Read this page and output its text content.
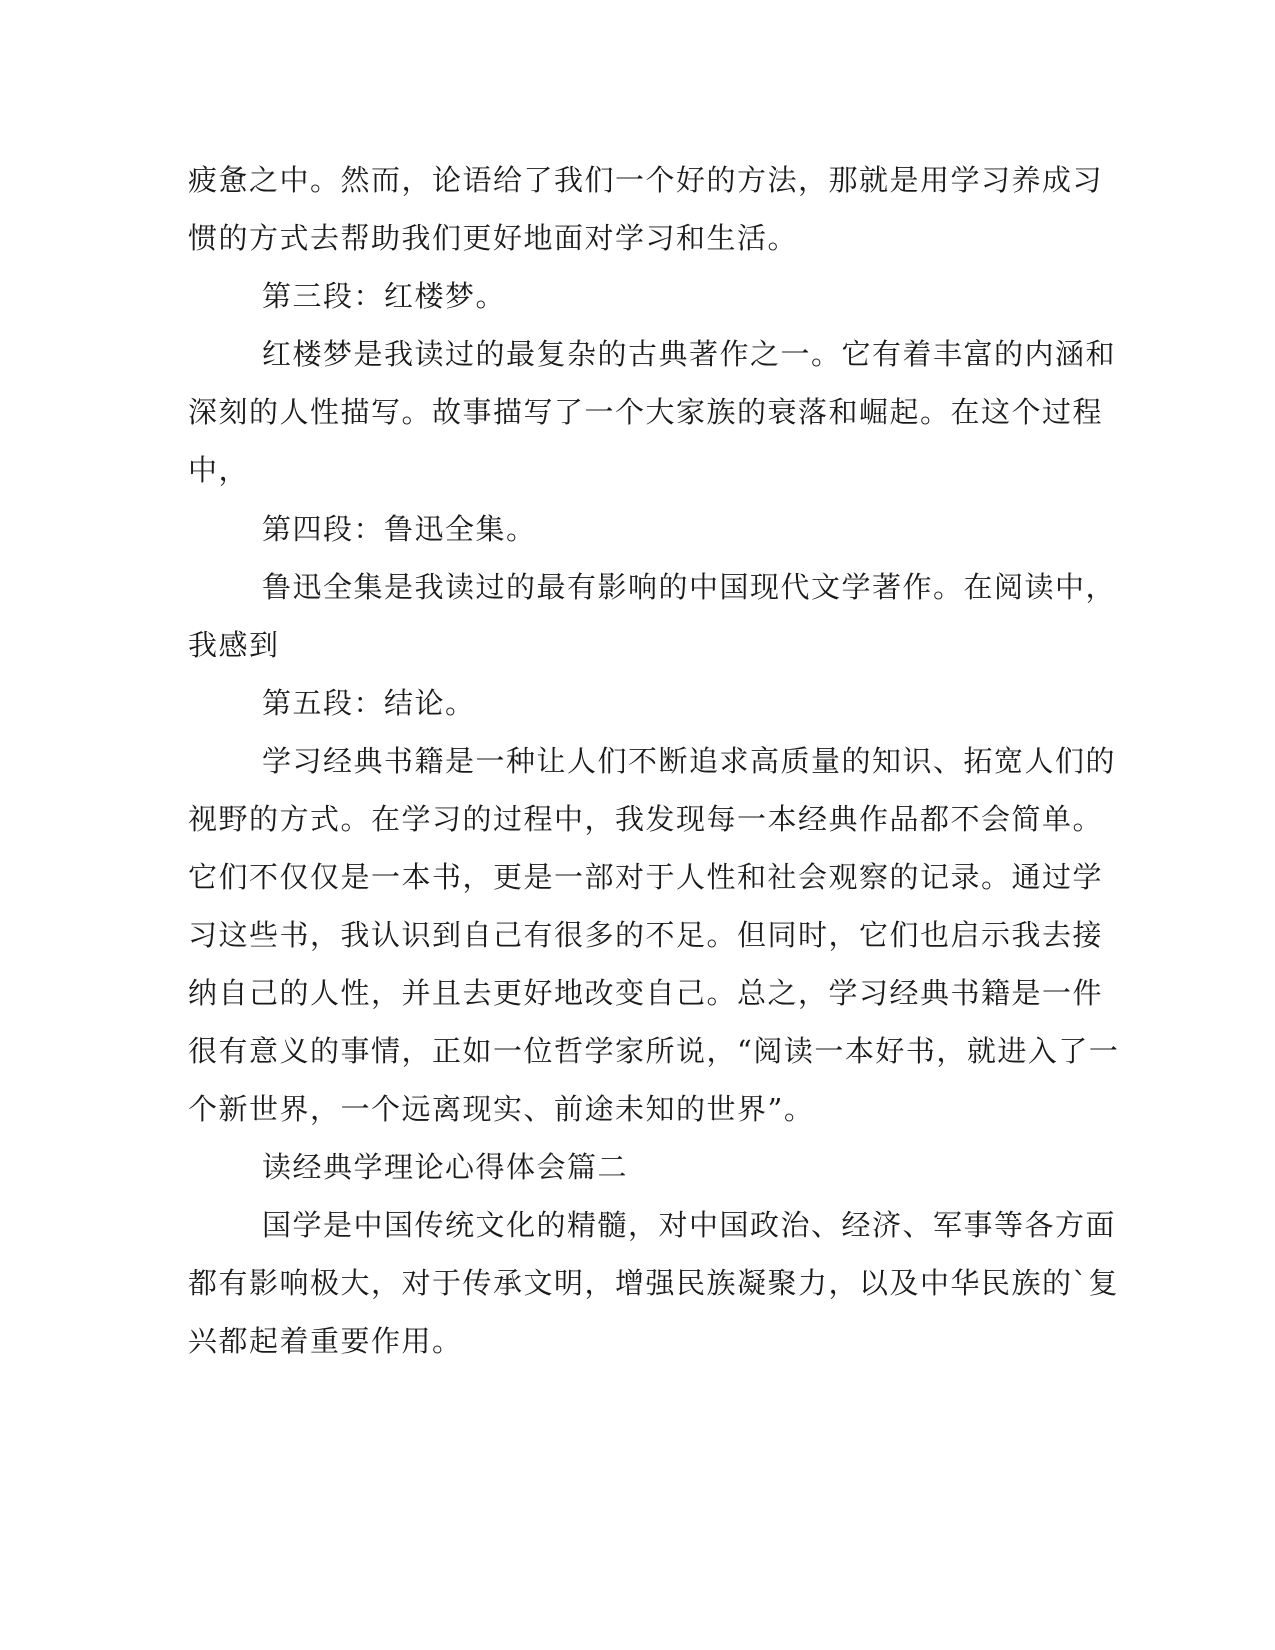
疲惫之中。然而，论语给了我们一个好的方法，那就是用学习养成习
惯的方式去帮助我们更好地面对学习和生活。
第三段：红楼梦。
红楼梦是我读过的最复杂的古典著作之一。它有着丰富的内涵和
深刻的人性描写。故事描写了一个大家族的衰落和崛起。在这个过程
中，
第四段：鲁迅全集。
鲁迅全集是我读过的最有影响的中国现代文学著作。在阅读中，
我感到
第五段：结论。
学习经典书籍是一种让人们不断追求高质量的知识、拓宽人们的
视野的方式。在学习的过程中，我发现每一本经典作品都不会简单。
它们不仅仅是一本书，更是一部对于人性和社会观察的记录。通过学
习这些书，我认识到自己有很多的不足。但同时，它们也启示我去接
纳自己的人性，并且去更好地改变自己。总之，学习经典书籍是一件
很有意义的事情，正如一位哲学家所说，“阅读一本好书，就进入了一
个新世界，一个远离现实、前途未知的世界”。
读经典学理论心得体会篇二
国学是中国传统文化的精髓，对中国政治、经济、军事等各方面
都有影响极大，对于传承文明，增强民族凝聚力，以及中华民族的`复
兴都起着重要作用。
